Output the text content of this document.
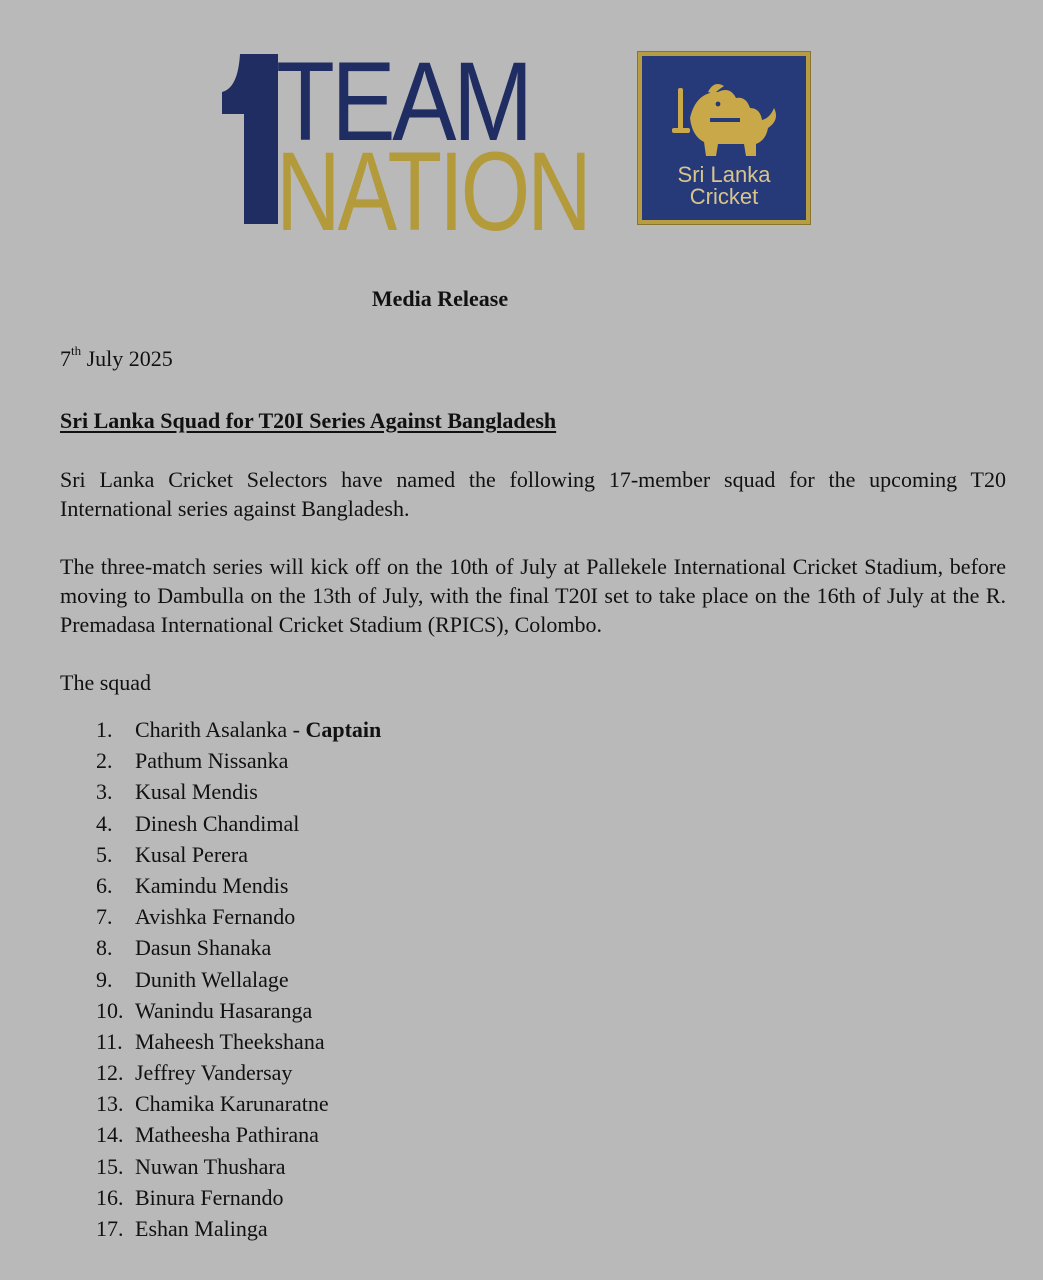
TEAM
NATION	Sri Lanka
Cricket
Media Release
7th July 2025
Sri Lanka Squad for T20I Series Against Bangladesh
Sri Lanka Cricket Selectors have named the following 17-member squad for the upcoming T20 International series against Bangladesh.
The three-match series will kick off on the 10th of July at Pallekele International Cricket Stadium, before moving to Dambulla on the 13th of July, with the final T20I set to take place on the 16th of July at the R. Premadasa International Cricket Stadium (RPICS), Colombo.
The squad
1.	Charith Asalanka - Captain
2.	Pathum Nissanka
3.	Kusal Mendis
4.	Dinesh Chandimal
5.	Kusal Perera
6.	Kamindu Mendis
7.	Avishka Fernando
8.	Dasun Shanaka
9.	Dunith Wellalage
10. Wanindu Hasaranga
11. Maheesh Theekshana
12. Jeffrey Vandersay
13. Chamika Karunaratne
14. Matheesha Pathirana
15. Nuwan Thushara
16. Binura Fernando
17. Eshan Malinga
